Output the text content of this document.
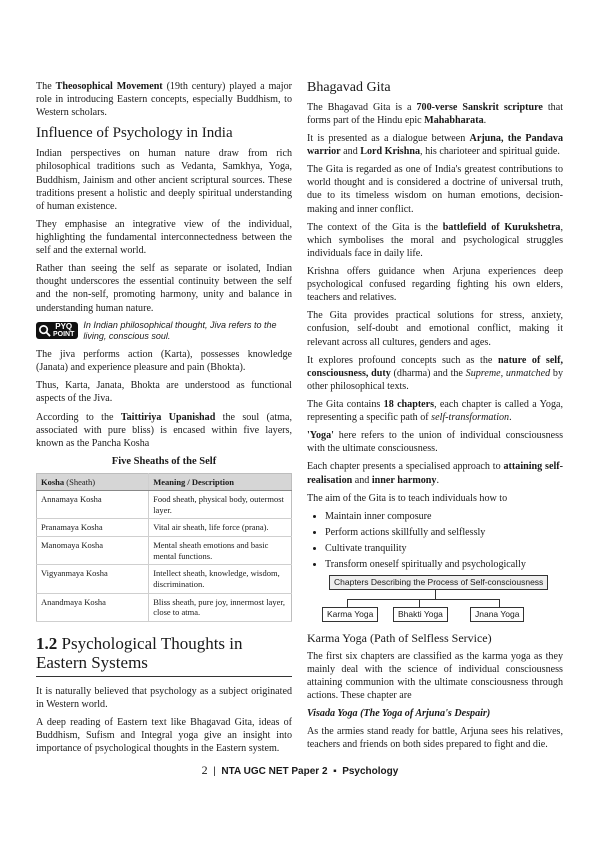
The Theosophical Movement (19th century) played a major role in introducing Eastern concepts, especially Buddhism, to Western scholars.

Influence of Psychology in India

Indian perspectives on human nature draw from rich philosophical traditions such as Vedanta, Samkhya, Yoga, Buddhism, Jainism and other ancient scriptural sources. These traditions present a holistic and deeply spiritual understanding of human existence.

They emphasise an integrative view of the individual, highlighting the fundamental interconnectedness between the self and the external world.

Rather than seeing the self as separate or isolated, Indian thought underscores the essential continuity between the self and the non-self, promoting harmony, unity and balance in understanding human nature.

PYQ
POINT
In Indian philosophical thought, Jiva refers to the living, conscious soul.

The jiva performs action (Karta), possesses knowledge (Janata) and experience pleasure and pain (Bhokta).

Thus, Karta, Janata, Bhokta are understood as functional aspects of the Jiva.

According to the Taittiriya Upanishad the soul (atma, associated with pure bliss) is encased within five layers, known as the Pancha Kosha

Five Sheaths of the Self
Kosha (Sheath)	Meaning / Description
Annamaya Kosha	Food sheath, physical body, outermost layer.
Pranamaya Kosha	Vital air sheath, life force (prana).
Manomaya Kosha	Mental sheath emotions and basic mental functions.
Vigyanmaya Kosha	Intellect sheath, knowledge, wisdom, discrimination.
Anandmaya Kosha	Bliss sheath, pure joy, innermost layer, close to atma.
1.2 Psychological Thoughts in Eastern Systems

It is naturally believed that psychology as a subject originated in Western world.

A deep reading of Eastern text like Bhagavad Gita, ideas of Buddhism, Sufism and Integral yoga give an insight into importance of psychological thoughts in the Eastern system.

Bhagavad Gita

The Bhagavad Gita is a 700-verse Sanskrit scripture that forms part of the Hindu epic Mahabharata.

It is presented as a dialogue between Arjuna, the Pandava warrior and Lord Krishna, his charioteer and spiritual guide.

The Gita is regarded as one of India's greatest contributions to world thought and is considered a doctrine of universal truth, due to its timeless wisdom on human emotions, decision-making and inner conflict.

The context of the Gita is the battlefield of Kurukshetra, which symbolises the moral and psychological struggles individuals face in daily life.

Krishna offers guidance when Arjuna experiences deep psychological confused regarding fighting his own elders, teachers and relatives.

The Gita provides practical solutions for stress, anxiety, confusion, self-doubt and emotional conflict, making it relevant across all cultures, genders and ages.

It explores profound concepts such as the nature of self, consciousness, duty (dharma) and the Supreme, unmatched by other philosophical texts.

The Gita contains 18 chapters, each chapter is called a Yoga, representing a specific path of self-transformation.

'Yoga' here refers to the union of individual consciousness with the ultimate consciousness.

Each chapter presents a specialised approach to attaining self-realisation and inner harmony.

The aim of the Gita is to teach individuals how to

• Maintain inner composure
• Perform actions skillfully and selflessly
• Cultivate tranquility
• Transform oneself spiritually and psychologically
Chapters Describing the Process of Self-consciousness
Karma Yoga	Bhakti Yoga	Jnana Yoga
Karma Yoga (Path of Selfless Service)

The first six chapters are classified as the karma yoga as they mainly deal with the science of individual consciousness attaining communion with the ultimate consciousness through actions. These chapter are

Visada Yoga (The Yoga of Arjuna's Despair)

As the armies stand ready for battle, Arjuna sees his relatives, teachers and friends on both sides prepared to fight and die.

2  |  NTA UGC NET Paper 2  ▪  Psychology
